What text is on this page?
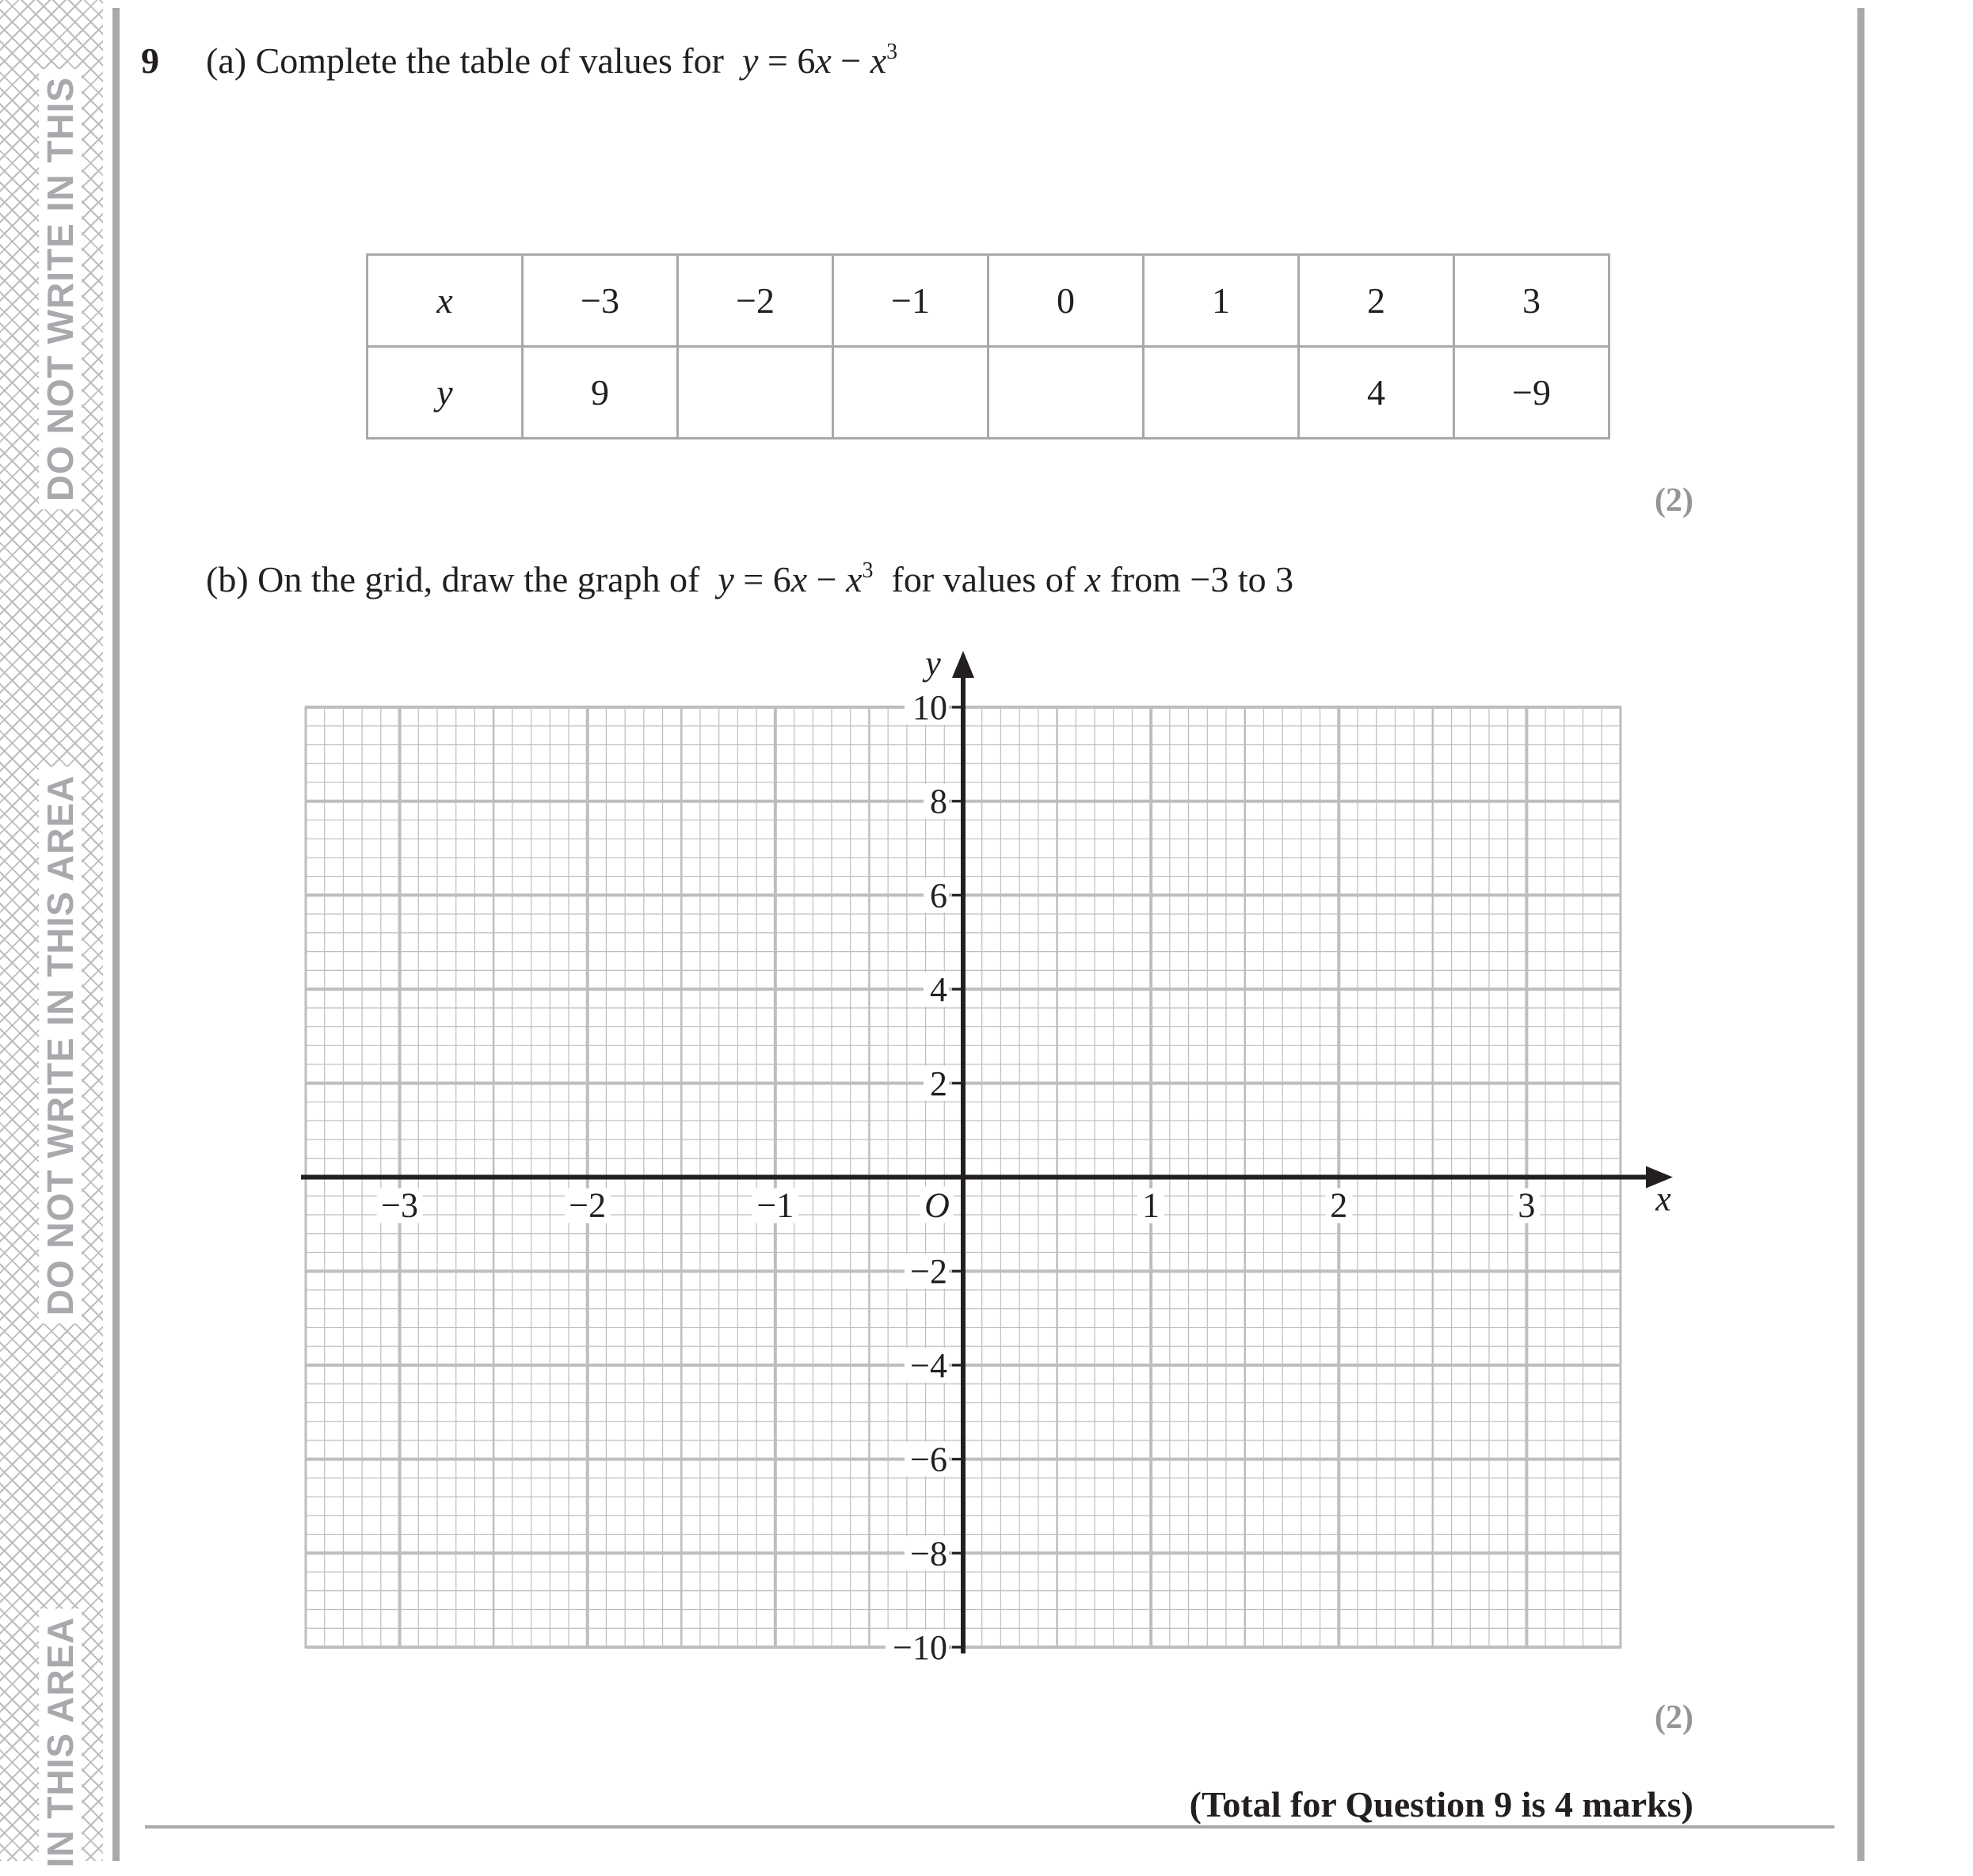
DO NOT WRITE IN THIS
DO NOT WRITE IN THIS AREA
IN THIS AREA
9 (a) Complete the table of values for $y = 6x - x^3$
x	−3	−2	−1	0	1	2	3
y	9					4	−9
(2)
(b) On the grid, draw the graph of $y = 6x - x^3$ for values of x from −3 to 3
10
8
6
4
2
−2
−4
−6
−8
−10
−3	−2	−1	1	2	3
O	x
y
(2)
(Total for Question 9 is 4 marks)
